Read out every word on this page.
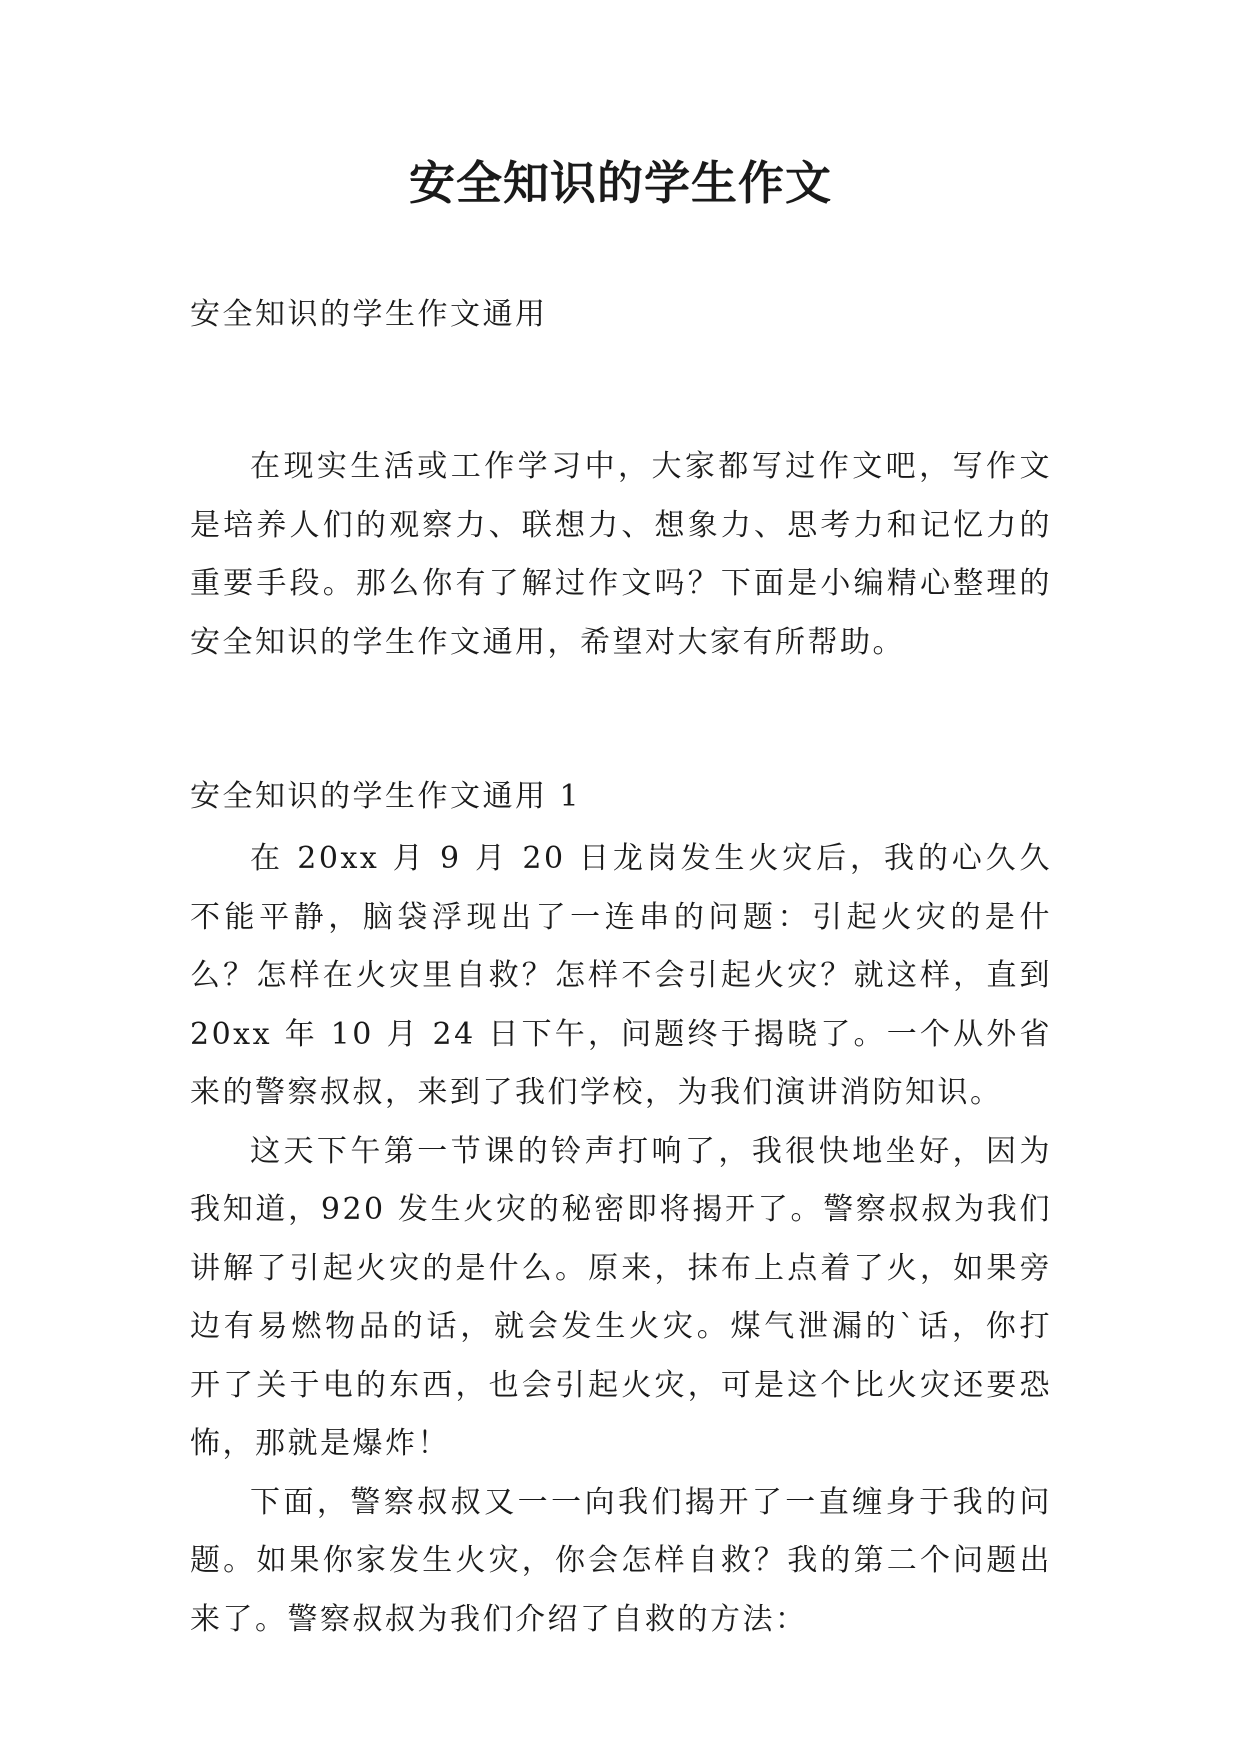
安全知识的学生作文

安全知识的学生作文通用

在现实生活或工作学习中，大家都写过作文吧，写作文是培养人们的观察力、联想力、想象力、思考力和记忆力的重要手段。那么你有了解过作文吗？下面是小编精心整理的安全知识的学生作文通用，希望对大家有所帮助。

安全知识的学生作文通用 1

在 20xx 月 9 月 20 日龙岗发生火灾后，我的心久久不能平静，脑袋浮现出了一连串的问题：引起火灾的是什么？怎样在火灾里自救？怎样不会引起火灾？就这样，直到 20xx 年 10 月 24 日下午，问题终于揭晓了。一个从外省来的警察叔叔，来到了我们学校，为我们演讲消防知识。

这天下午第一节课的铃声打响了，我很快地坐好，因为我知道，920 发生火灾的秘密即将揭开了。警察叔叔为我们讲解了引起火灾的是什么。原来，抹布上点着了火，如果旁边有易燃物品的话，就会发生火灾。煤气泄漏的`话，你打开了关于电的东西，也会引起火灾，可是这个比火灾还要恐怖，那就是爆炸！

下面，警察叔叔又一一向我们揭开了一直缠身于我的问题。如果你家发生火灾，你会怎样自救？我的第二个问题出来了。警察叔叔为我们介绍了自救的方法：
